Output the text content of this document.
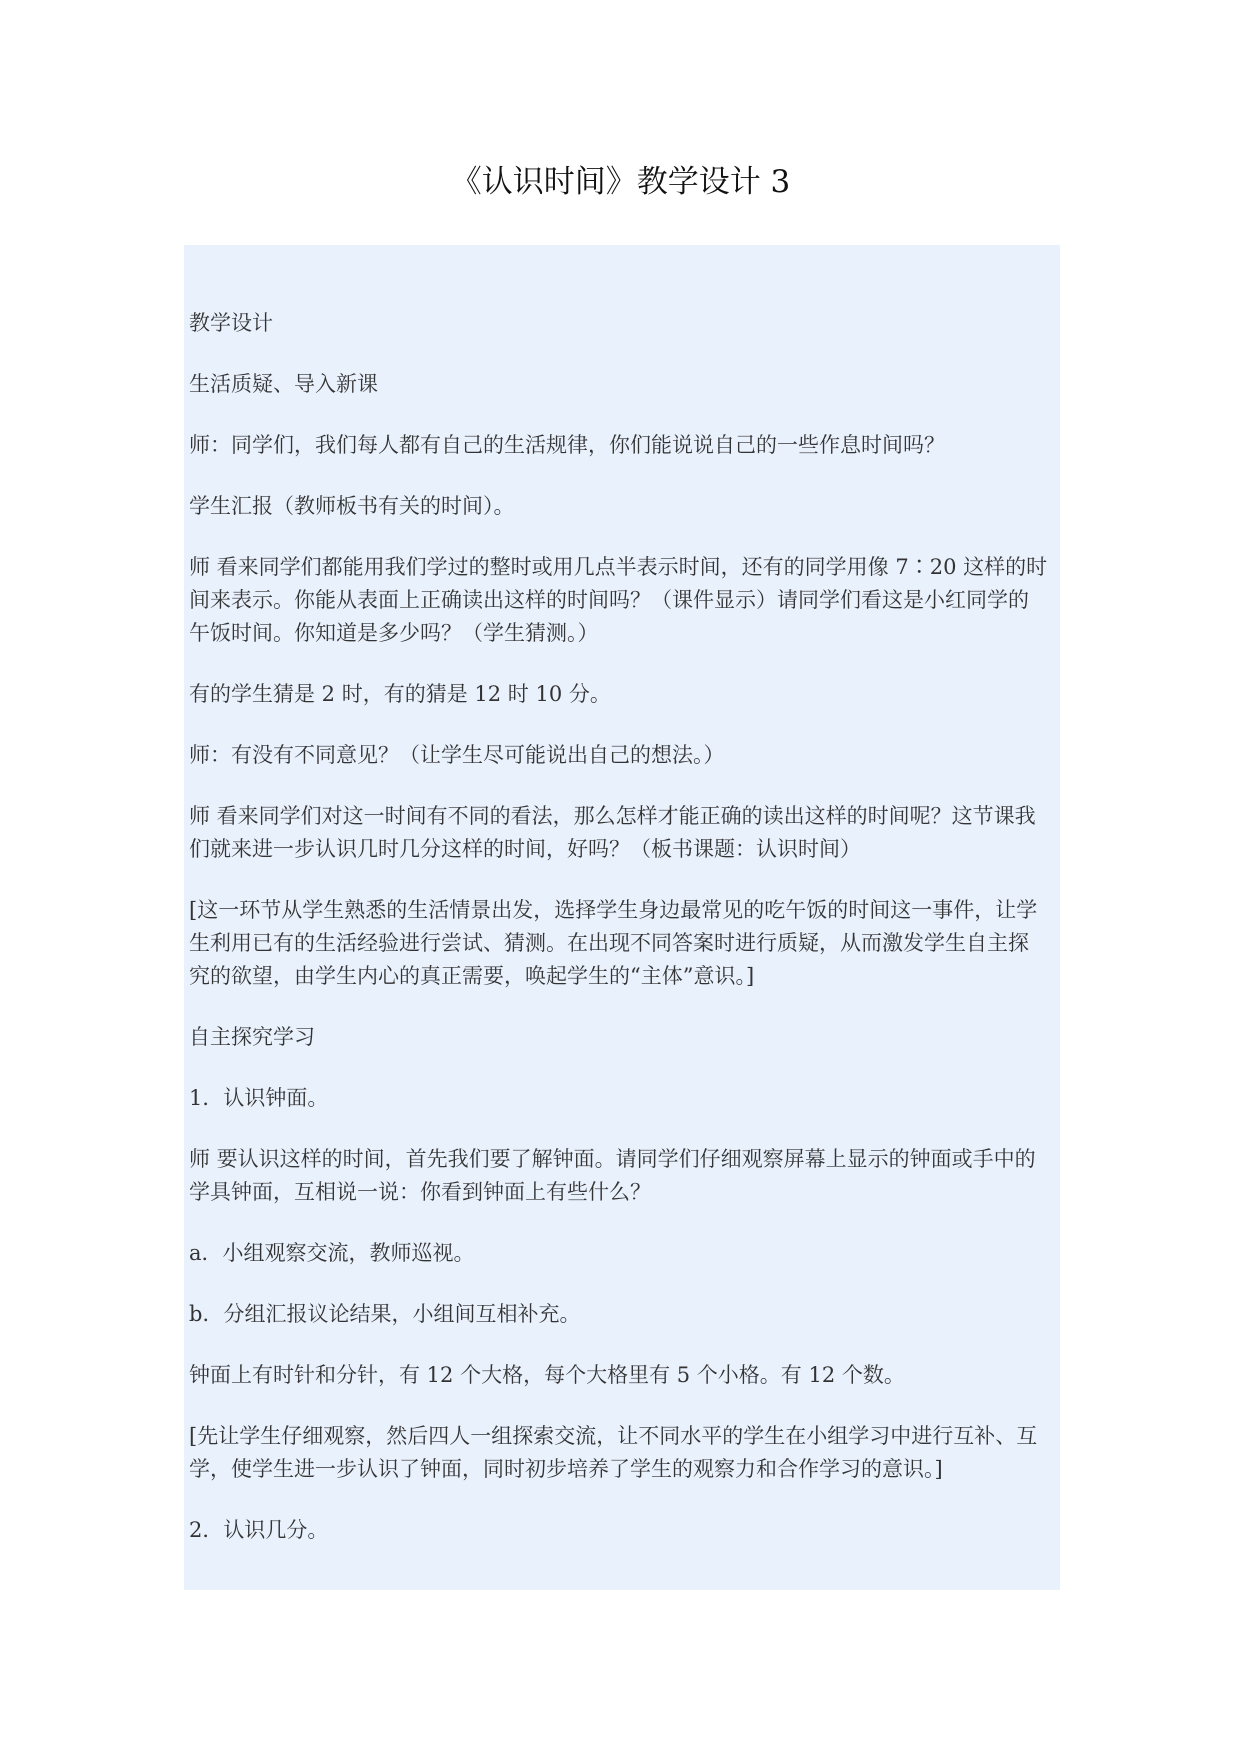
《认识时间》教学设计 3

教学设计

生活质疑、导入新课

师：同学们，我们每人都有自己的生活规律，你们能说说自己的一些作息时间吗？

学生汇报（教师板书有关的时间）。

师 看来同学们都能用我们学过的整时或用几点半表示时间，还有的同学用像 7∶20 这样的时间来表示。你能从表面上正确读出这样的时间吗？（课件显示）请同学们看这是小红同学的午饭时间。你知道是多少吗？（学生猜测。）

有的学生猜是 2 时，有的猜是 12 时 10 分。

师：有没有不同意见？（让学生尽可能说出自己的想法。）

师 看来同学们对这一时间有不同的看法，那么怎样才能正确的读出这样的时间呢？这节课我们就来进一步认识几时几分这样的时间，好吗？（板书课题：认识时间）

[这一环节从学生熟悉的生活情景出发，选择学生身边最常见的吃午饭的时间这一事件，让学生利用已有的生活经验进行尝试、猜测。在出现不同答案时进行质疑，从而激发学生自主探究的欲望，由学生内心的真正需要，唤起学生的“主体”意识。]

自主探究学习

1．认识钟面。

师 要认识这样的时间，首先我们要了解钟面。请同学们仔细观察屏幕上显示的钟面或手中的学具钟面，互相说一说：你看到钟面上有些什么？

a．小组观察交流，教师巡视。

b．分组汇报议论结果，小组间互相补充。

钟面上有时针和分针，有 12 个大格，每个大格里有 5 个小格。有 12 个数。

[先让学生仔细观察，然后四人一组探索交流，让不同水平的学生在小组学习中进行互补、互学，使学生进一步认识了钟面，同时初步培养了学生的观察力和合作学习的意识。]

2．认识几分。
